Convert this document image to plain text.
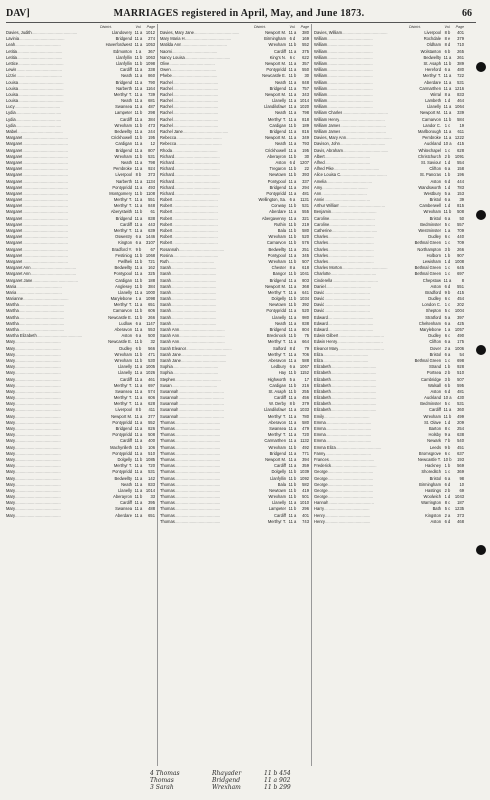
DAV]	MARRIAGES registered in April, May, and June 1873.	66
District.	Vol.	Page
Davies, Judith ........................................	Llandovery 11 a 1012
Lavinia ........................................	Bridgend 11 a	274
Leah ........................................	Haverfordwest 11 a 1053
Letitia ........................................	Edmonton 1 a	367
Letitia ........................................	Llanfyllin 11 b 1063
Lettice ........................................	Llanfyllin 11 b 1098
Lewis ........................................	Cardiff 11 a	338
Lizzie ........................................	Neath 11 a	860
Louisa ........................................	Bridgend 11 a	790
Louisa ........................................	Narberth 11 a 1164
Louisa ........................................	Merthyr T. 11 a	739
Louisa ........................................	Neath 11 a	681
Lucy ........................................	Swansea 11 a	487
Lydia ........................................	Lampeter 11 b	298
Lydia ........................................	Cardiff 11 a	384
Lydia ........................................	Wrexham 11 b	473
Mabel ........................................	Bedwellty 11 a	244
Margaret ........................................	Crickhowell 11 b	195
Margaret ........................................	Cardigan 11 a	12
Margaret ........................................	Bridgend 11 a	807
Margaret ........................................	Wrexham 11 b	531
Margaret ........................................	Neath 11 a	798
Margaret ........................................	Pembroke 11 a	924
Margaret ........................................	Liverpool 8 b	373
Margaret ........................................	Narberth 11 a 1134
Margaret ........................................	Pontypridd 11 a	493
Margaret ........................................	Montgomery 11 b 1108
Margaret ........................................	Merthyr T. 11 a	551
Margaret ........................................	Merthyr T. 11 a	848
Margaret ........................................	Aberystwith 11 b	61
Margaret ........................................	Bridgend 11 a	838
Margaret ........................................	Cardiff 11 a	443
Margaret ........................................	Merthyr T. 11 a	639
Margaret ........................................	Oswestry 6 a	1446
Margaret ........................................	Kington 6 a	3107
Margaret ........................................	Bradford Y. 9 b	67
Margaret ........................................	Festiniog 11 b 1068
Margaret ........................................	Pwllheli 11 b	721
Margaret Ann ........................................	Bedwellty 11 a	162
Margaret Ann ........................................	Pontypool 11 a	325
Margaret Jane ........................................	Cardigan 11 b	188
Maria ........................................	Anglesey 11 b	384
Maria ........................................	Llanelly 11 a 1000
Marianne ........................................	Marylebone 1 a	1098
Martha ........................................	Merthyr T. 11 a	651
Martha ........................................	Carnarvon 11 b	606
Martha ........................................	Newcastle E. 11 b	266
Martha ........................................	Ludlow 6 a	1147
Martha ........................................	Aberavon 11 a	553
Martha Elizabeth ........................................	Aston 6 a	500
Mary ........................................	Newcastle E. 11 b	32
Mary ........................................	Dudley 6 b	566
Mary ........................................	Wrexham 11 b	471
Mary ........................................	Wrexham 11 b	530
Mary ........................................	Llanelly 11 a 1005
Mary ........................................	Llanelly 11 a 1026
Mary ........................................	Cardiff 11 a	461
Mary ........................................	Merthyr T. 11 a	697
Mary ........................................	Swansea 11 a	574
Mary ........................................	Merthyr T. 11 a	606
Mary ........................................	Merthyr T. 11 a	628
Mary ........................................	Liverpool 8 b	411
Mary ........................................	Newport M. 11 a	377
Mary ........................................	Pontypridd 11 a	552
Mary ........................................	Bridgend 11 a	826
Mary ........................................	Pontypridd 11 a	508
Mary ........................................	Cardiff 11 a	400
Mary ........................................	Machynlleth 11 b	106
Mary ........................................	Pontypridd 11 a	510
Mary ........................................	Dolgelly 11 b 1085
Mary ........................................	Merthyr T. 11 a	720
Mary ........................................	Pontypridd 11 a	531
Mary ........................................	Bedwellty 11 a	142
Mary ........................................	Neath 11 a	833
Mary ........................................	Llanelly 11 a 1014
Mary ........................................	Aberayron 11 b	33
Mary ........................................	Cardiff 11 a	395
Mary ........................................	Swansea 11 a	488
Mary ........................................	Aberdare 11 a	651
District.	Vol.	Page
Davies, Mary Jane ........................................	Newport M. 11 a	380
Mary Maria H. ........................................	Birmingham 6 d	169
Matilda Ann ........................................	Wrexham 11 b	552
Naomi ........................................	Cardiff 11 a	375
Nancy Louisa ........................................	King's N. 6 c	622
Olive ........................................	Newport M. 11 a	357
Owen ........................................	Pontypridd 11 a	550
Phebe ........................................	Newcastle E. 11 b	30
Rachel ........................................	Neath 11 a	848
Rachel ........................................	Bridgend 11 a	757
Rachel ........................................	Newport M. 11 a	343
Rachel ........................................	Llanelly 11 a 1014
Rachel ........................................	Llandilofawr 11 a 1020
Rachel ........................................	Neath 11 a	798
Rachel ........................................	Merthyr T. 11 a	818
Rachel ........................................	Cardigan 11 b	189
Rachel Jane ........................................	Bridgend 11 a	816
Rebecca ........................................	Newport M. 11 a	349
Rebecca ........................................	Neath 11 a	793
Rhoda ........................................	Crickhowell 11 a	195
Richard ........................................	Aberayron 11 b	30
Richard ........................................	Aston 6 d	1207
Richard ........................................	Tregaron 11 b	22
Richard ........................................	Newtown 11 b	393
Richard ........................................	Pontypool 11 a	337
Richard ........................................	Bridgend 11 a	294
Richard ........................................	Pontypridd 11 a	481
Robert ........................................	Wellington, Sa. 6 a	1131
Robert ........................................	Conway 11 b	531
Robert ........................................	Aberdare 11 a	555
Robert ........................................	Abergavenny 11 a	321
Robert ........................................	Ruthin 11 b	219
Robert ........................................	Bala 11 b	580
Robert ........................................	Wrexham 11 b	520
Robert ........................................	Carnarvon 11 b	576
Rosannah ........................................	Bedwellty 11 a	251
Rosina ........................................	Pontypool 11 a	345
Ruth ........................................	Wrexham 11 b	507
Sarah ........................................	Chester 8 a	618
Sarah ........................................	Bangor 11 b 1041
Sarah ........................................	Bridgend 11 a	803
Sarah ........................................	Newport M. 11 a	368
Sarah ........................................	Merthyr T. 11 a	641
Sarah ........................................	Dolgelly 11 b 1034
Sarah ........................................	Newtown 11 b	392
Sarah ........................................	Pontypridd 11 a	520
Sarah ........................................	Llanelly 11 a	980
Sarah ........................................	Neath 11 a	838
Sarah Ann ........................................	Bridgend 11 a	804
Sarah Ann ........................................	Brecknock 11 b	75
Sarah Ann ........................................	Merthyr T. 11 a	664
Sarah Eleanor ........................................	Salford 8 d	79
Sarah Jane ........................................	Merthyr T. 11 a	706
Sarah Jane ........................................	Aberavon 11 a	588
Sophia ........................................	Ledbury 6 a	1067
Sophia ........................................	Hay 11 b 1152
Stephen ........................................	Highworth 5 a	17
Susan ........................................	Cardigan 11 b	216
Susannah ........................................	St. Asaph 11 b	255
Susannah ........................................	Cardiff 11 a	456
Susannah ........................................	W. Derby 8 b	379
Susannah ........................................	Llandilofawr 11 a 1033
Susannah ........................................	Merthyr T. 11 a	780
Thomas ........................................	Aberavon 11 a	580
Thomas ........................................	Swansea 11 a	479
Thomas ........................................	Merthyr T. 11 a	720
Thomas ........................................	Carmarthen 11 a 1132
Thomas ........................................	Wrexham 11 b	492
Thomas ........................................	Bridgend 11 a	771
Thomas ........................................	Newport M. 11 a	394
Thomas ........................................	Cardiff 11 a	359
Thomas ........................................	Dolgelly 11 b 1039
Thomas ........................................	Llanfyllin 11 b 1092
Thomas ........................................	Bala 11 b	582
Thomas ........................................	Newtown 11 b	419
Thomas ........................................	Wrexham 11 b	501
Thomas ........................................	Llanelly 11 a 1010
Thomas ........................................	Lampeter 11 b	296
Thomas ........................................	Cardiff 11 a	401
Thomas ........................................	Merthyr T. 11 a	743
District.	Vol.	Page
Davies, William ........................................	Liverpool 8 b	401
William ........................................	Rochdale 8 e	379
William ........................................	Oldham 8 d	710
William ........................................	Wolstanton 6 b	265
William ........................................	Bedwellty 11 a	261
William ........................................	St. Asaph 11 b	389
William ........................................	Hereford 6 a	480
William ........................................	Merthyr T. 11 a	722
William ........................................	Aberdare 11 a	531
William ........................................	Carmarthen 11 a 1216
William ........................................	Wirral 8 a	833
William ........................................	Lambeth 1 d	464
William ........................................	Llanelly 11 a 1064
William Charles ........................................	Newport M. 11 a	339
William Henry ........................................	Carnarvon 11 b	584
William James ........................................	Landor C. 1 c	19
William James ........................................	Marlborough 11 a	611
Davies, Mary Ann ........................................	Pembroke 11 a 1222
Davison, John ........................................	Auckland 10 a	415
Davis, Abraham ........................................	Whitechapel 1 c	628
Albert ........................................	Christchurch 2 b	1091
Alfred ........................................	St. Saviour 1 d	554
Alfred Pike ........................................	Clifton 6 a	158
Alice Louisa C. ........................................	St. Pancras 1 b	196
Amelia ........................................	Aston 6 d	444
Amy ........................................	Wandsworth 1 d	783
Ann ........................................	Westbury 5 a	153
Annie ........................................	Bristol 6 a	39
Arthur William ........................................	Camberwell 1 d	815
Benjamin ........................................	Wrexham 11 b	508
Caroline ........................................	Bristol 6 a	50
Caroline ........................................	Bedminster 5 c	557
Catherine ........................................	Westminster 1 a	709
Charles ........................................	Dudley 6 c	440
Charles ........................................	Bethnal Green 1 c	709
Charles ........................................	Northampton 3 b	266
Charles ........................................	Holborn 1 b	907
Charles ........................................	Lewisham 1 d	1008
Charles Morton ........................................	Bethnal Green 1 c	645
Charlotte ........................................	Bethnal Green 1 c	697
Cinderella ........................................	Chepstow 11 a	8
Daniel ........................................	Aston 6 d	551
David ........................................	Bradford 9 b	415
David ........................................	Dudley 6 c	454
David ........................................	London C. 1 c	202
David ........................................	Shepton 5 c	1004
Edward ........................................	Stratford 5 a	397
Edward ........................................	Cheltenham 6 a	425
Edward ........................................	Marylebone 1 a	1057
Edwin Gilbert ........................................	Dudley 6 c	490
Edwin Henry ........................................	Clifton 6 a	175
Eleanor Mary ........................................	Dover 2 a	1006
Eliza ........................................	Bristol 6 a	54
Eliza ........................................	Bethnal Green 1 c	698
Elizabeth ........................................	Strand 1 b	928
Elizabeth ........................................	Portsea 2 b	510
Elizabeth ........................................	Cambridge 3 b	507
Elizabeth ........................................	Walsall 6 b	595
Elizabeth ........................................	Aston 6 d	481
Elizabeth ........................................	Auckland 10 a	430
Elizabeth ........................................	Bedminster 5 c	531
Elizabeth ........................................	Cardiff 11 a	360
Emily ........................................	Wrexham 11 b	499
Emma ........................................	St. Olave 1 d	209
Emma ........................................	Barton 8 c	254
Emma ........................................	Holsby 9 a	638
Emma ........................................	Newark 7 b	540
Emma Eliza ........................................	Leeds 9 b	451
Fanny ........................................	Bromsgrove 6 c	637
Frances ........................................	Newcastle T. 10 b	193
Frederick ........................................	Hackney 1 b	569
George ........................................	Shoreditch 1 c	369
George ........................................	Bristol 6 a	98
George ........................................	Birmingham 6 d	10
George ........................................	Hastings 2 b	69
George ........................................	Woolwich 1 d	1043
Hannah ........................................	Warrington 8 c	187
Harry ........................................	Bath 5 c	1235
Henry ........................................	Kingston 2 a	373
Henry ........................................	Aston 6 d	468
4 Thomas	Rhayader	11 b 454
Thomas	Bridgend	11 a 902
3 Sarah	Wrexham	11 b 299
